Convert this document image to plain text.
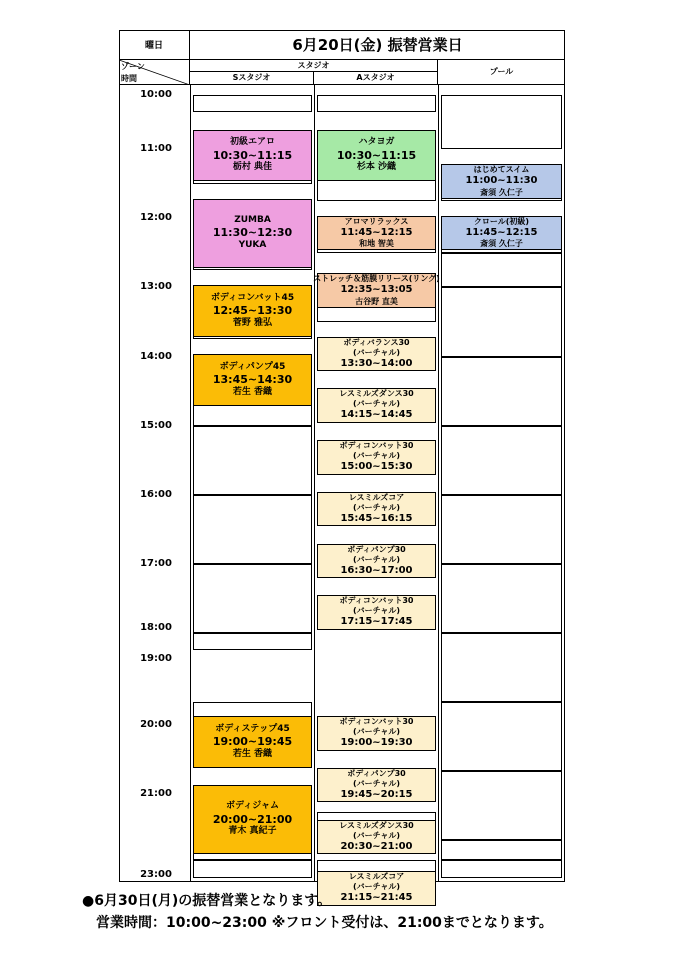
曜日	6月20日(金) 振替営業日
ゾーン
時間
スタジオ
Sスタジオ	Aスタジオ
プール
10:00
11:00
12:00
13:00
14:00
15:00
16:00
17:00
18:00
19:00
20:00
21:00
23:00
初級エアロ
10:30~11:15
栃村 典佳
ZUMBA
11:30~12:30
YUKA
ボディコンバット45
12:45~13:30
菅野 雅弘
ボディパンプ45
13:45~14:30
若生 香織
ボディステップ45
19:00~19:45
若生 香織
ボディジャム
20:00~21:00
青木 真紀子
ハタヨガ
10:30~11:15
杉本 沙織
アロマリラックス
11:45~12:15
和地 智美
ストレッチ＆筋膜リリース(リング)
12:35~13:05
古谷野 直美
ボディバランス30
(バーチャル)
13:30~14:00
レスミルズダンス30
(バーチャル)
14:15~14:45
ボディコンバット30
(バーチャル)
15:00~15:30
レスミルズコア
(バーチャル)
15:45~16:15
ボディパンプ30
(バーチャル)
16:30~17:00
ボディコンバット30
(バーチャル)
17:15~17:45
ボディコンバット30
(バーチャル)
19:00~19:30
ボディパンプ30
(バーチャル)
19:45~20:15
レスミルズダンス30
(バーチャル)
20:30~21:00
レスミルズコア
(バーチャル)
21:15~21:45
はじめてスイム
11:00~11:30
斎須 久仁子
クロール(初級)
11:45~12:15
斎須 久仁子
●6月30日(月)の振替営業となります。
営業時間：10:00~23:00 ※フロント受付は、21:00までとなります。
